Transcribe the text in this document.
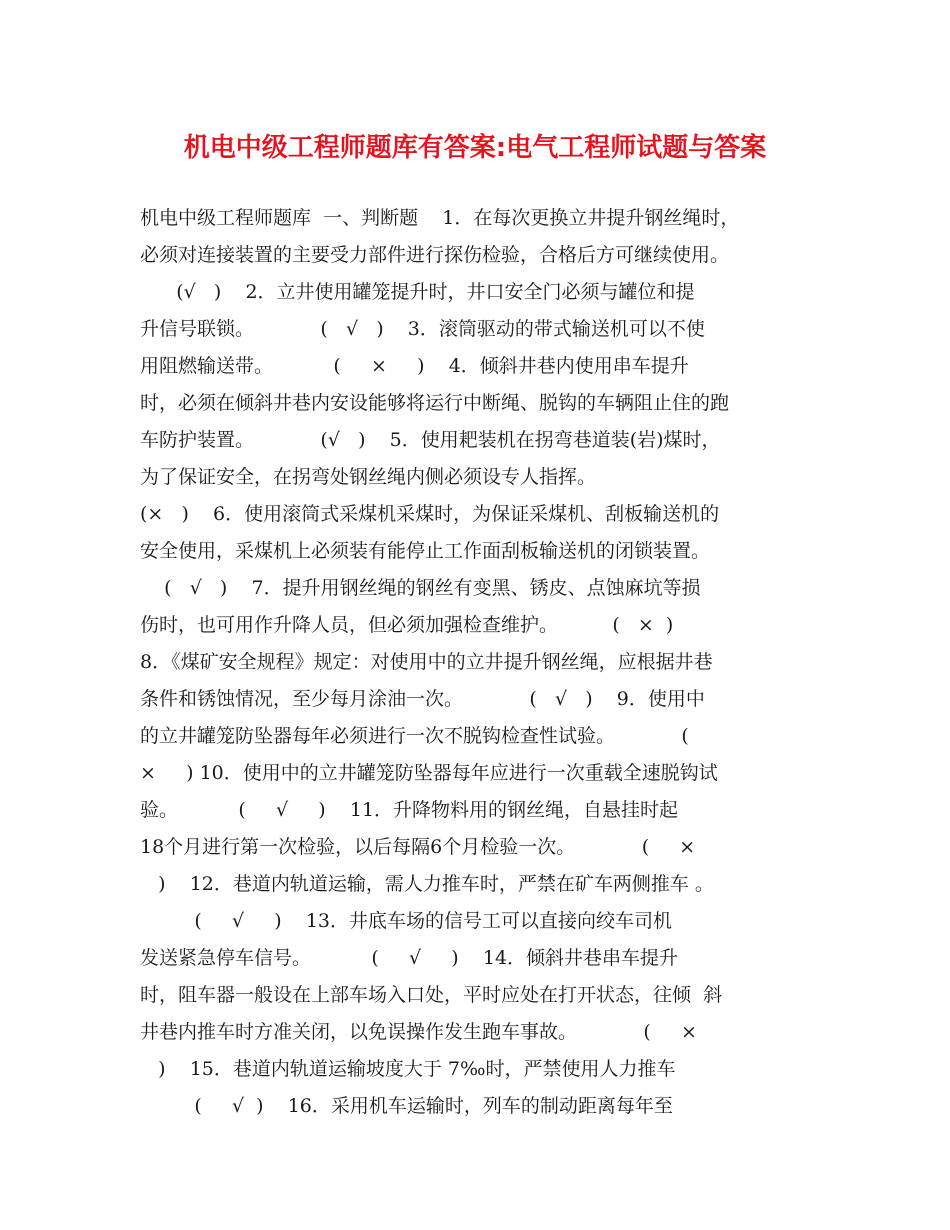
机电中级工程师题库有答案:电气工程师试题与答案
机电中级工程师题库  一、判断题    1．在每次更换立井提升钢丝绳时，
必须对连接装置的主要受力部件进行探伤检验，合格后方可继续使用。
(√   )    2．立井使用罐笼提升时，井口安全门必须与罐位和提
升信号联锁。           (   √   )    3．滚筒驱动的带式输送机可以不使
用阻燃输送带。          (     ×     )    4．倾斜井巷内使用串车提升
时，必须在倾斜井巷内安设能够将运行中断绳、脱钩的车辆阻止住的跑
车防护装置。           (√   )    5．使用耙装机在拐弯巷道装(岩)煤时，
为了保证安全，在拐弯处钢丝绳内侧必须设专人指挥。
(×   )    6．使用滚筒式采煤机采煤时，为保证采煤机、刮板输送机的
安全使用，采煤机上必须装有能停止工作面刮板输送机的闭锁装置。
(   √   )    7．提升用钢丝绳的钢丝有变黑、锈皮、点蚀麻坑等损
伤时，也可用作升降人员，但必须加强检查维护。         (   ×  )
8．《煤矿安全规程》规定：对使用中的立井提升钢丝绳，应根据井巷
条件和锈蚀情况，至少每月涂油一次。           (   √   )    9．使用中
的立井罐笼防坠器每年必须进行一次不脱钩检查性试验。           (
×     ) 10．使用中的立井罐笼防坠器每年应进行一次重载全速脱钩试
验。          (     √     )    11．升降物料用的钢丝绳，自悬挂时起
18个月进行第一次检验，以后每隔6个月检验一次。           (     ×
)    12．巷道内轨道运输，需人力推车时，严禁在矿车两侧推车 。
(     √     )    13．井底车场的信号工可以直接向绞车司机
发送紧急停车信号。          (     √     )    14．倾斜井巷串车提升
时，阻车器一般设在上部车场入口处，平时应处在打开状态，往倾  斜
井巷内推车时方准关闭，以免误操作发生跑车事故。           (     ×
)    15．巷道内轨道运输坡度大于 7‰时，严禁使用人力推车
(     √  )    16．采用机车运输时，列车的制动距离每年至
